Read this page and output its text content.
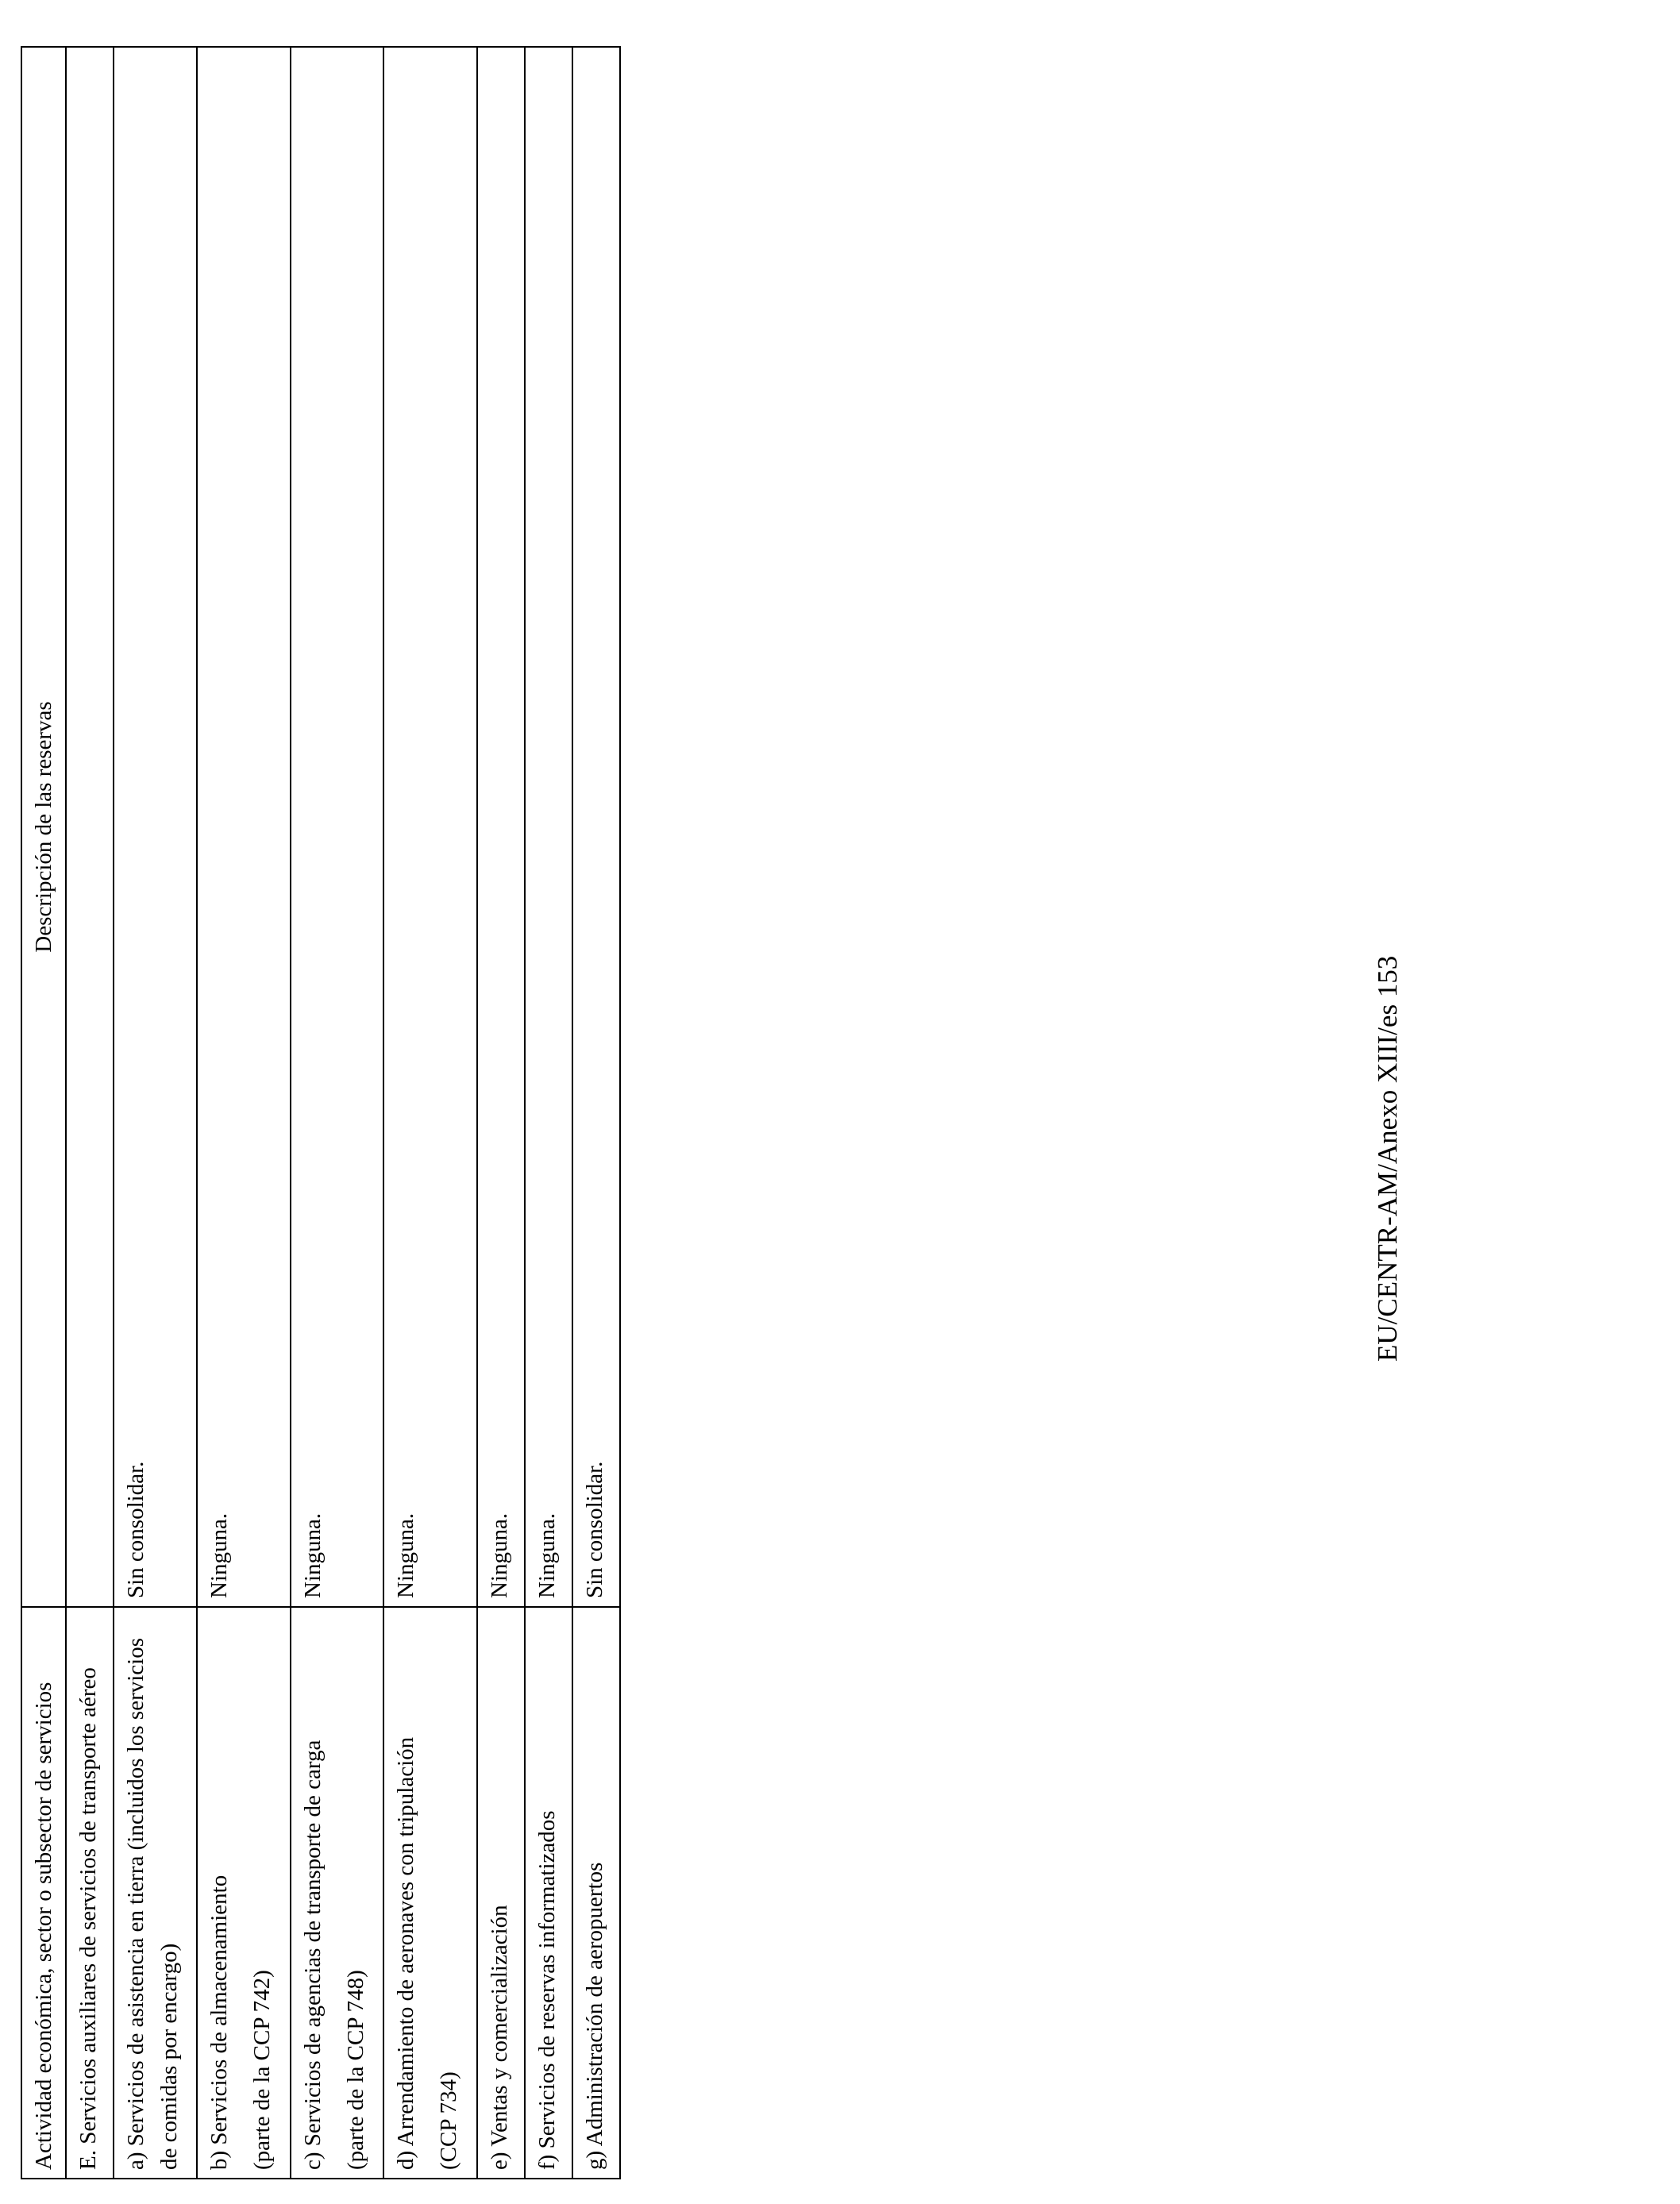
Actividad económica, sector o subsector de servicios	Descripción de las reservas
E. Servicios auxiliares de servicios de transporte aéreo	

a) Servicios de asistencia en tierra (incluidos los servicios de comidas por encargo)	Sin consolidar.

b) Servicios de almacenamiento (parte de la CCP 742)	Ninguna.

c) Servicios de agencias de transporte de carga (parte de la CCP 748)	Ninguna.

d) Arrendamiento de aeronaves con tripulación (CCP 734)	Ninguna.

e) Ventas y comercialización	Ninguna.

f) Servicios de reservas informatizados	Ninguna.

g) Administración de aeropuertos	Sin consolidar.
EU/CENTR-AM/Anexo XIII/es 153
